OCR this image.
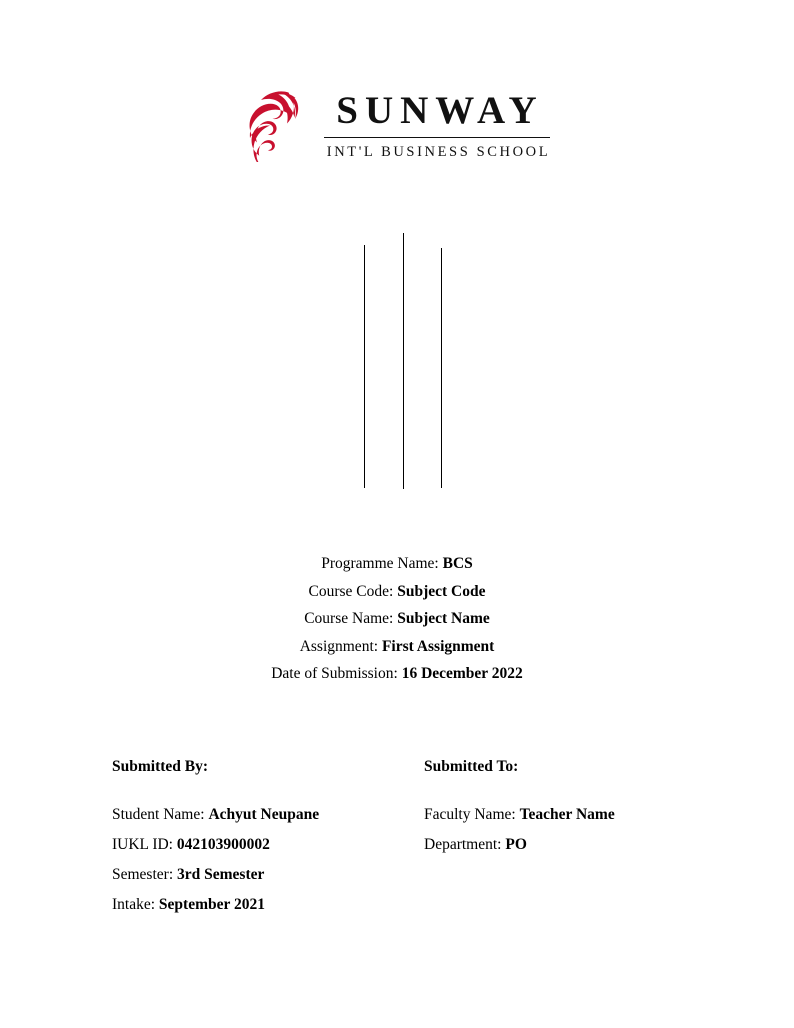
SUNWAY
INT'L BUSINESS SCHOOL
Programme Name: BCS
Course Code: Subject Code
Course Name: Subject Name
Assignment: First Assignment
Date of Submission: 16 December 2022
Submitted By:
Student Name: Achyut Neupane
IUKL ID: 042103900002
Semester: 3rd Semester
Intake: September 2021
Submitted To:
Faculty Name: Teacher Name
Department: PO
